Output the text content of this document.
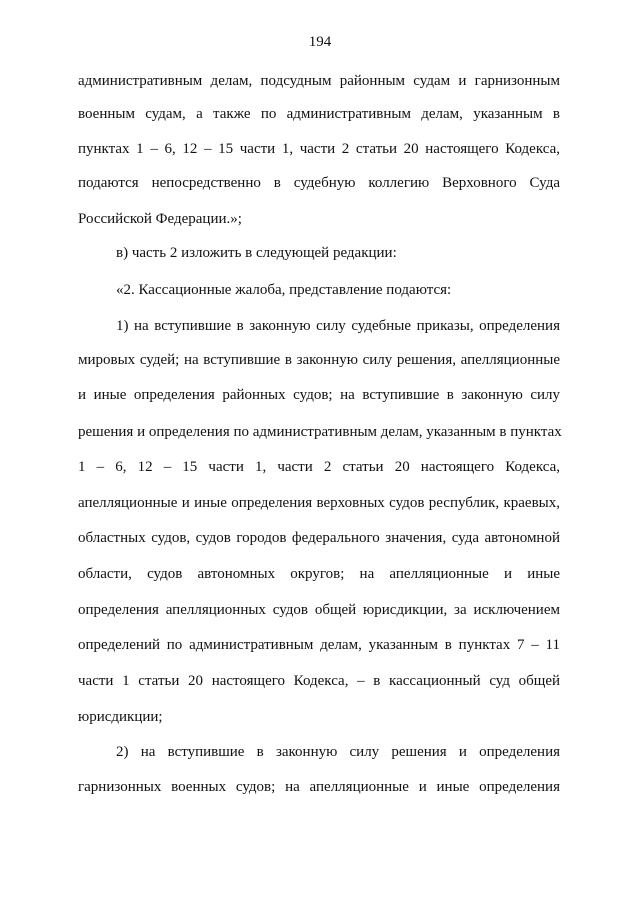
194
административным делам, подсудным районным судам и гарнизонным
военным судам, а также по административным делам, указанным в
пунктах 1 – 6, 12 – 15 части 1, части 2 статьи 20 настоящего Кодекса,
подаются непосредственно в судебную коллегию Верховного Суда
Российской Федерации.»;
в) часть 2 изложить в следующей редакции:
«2. Кассационные жалоба, представление подаются:
1) на вступившие в законную силу судебные приказы, определения
мировых судей; на вступившие в законную силу решения, апелляционные
и иные определения районных судов; на вступившие в законную силу
решения и определения по административным делам, указанным в пунктах
1 – 6, 12 – 15 части 1, части 2 статьи 20 настоящего Кодекса,
апелляционные и иные определения верховных судов республик, краевых,
областных судов, судов городов федерального значения, суда автономной
области, судов автономных округов; на апелляционные и иные
определения апелляционных судов общей юрисдикции, за исключением
определений по административным делам, указанным в пунктах 7 – 11
части 1 статьи 20 настоящего Кодекса, – в кассационный суд общей
юрисдикции;
2) на вступившие в законную силу решения и определения
гарнизонных военных судов; на апелляционные и иные определения
